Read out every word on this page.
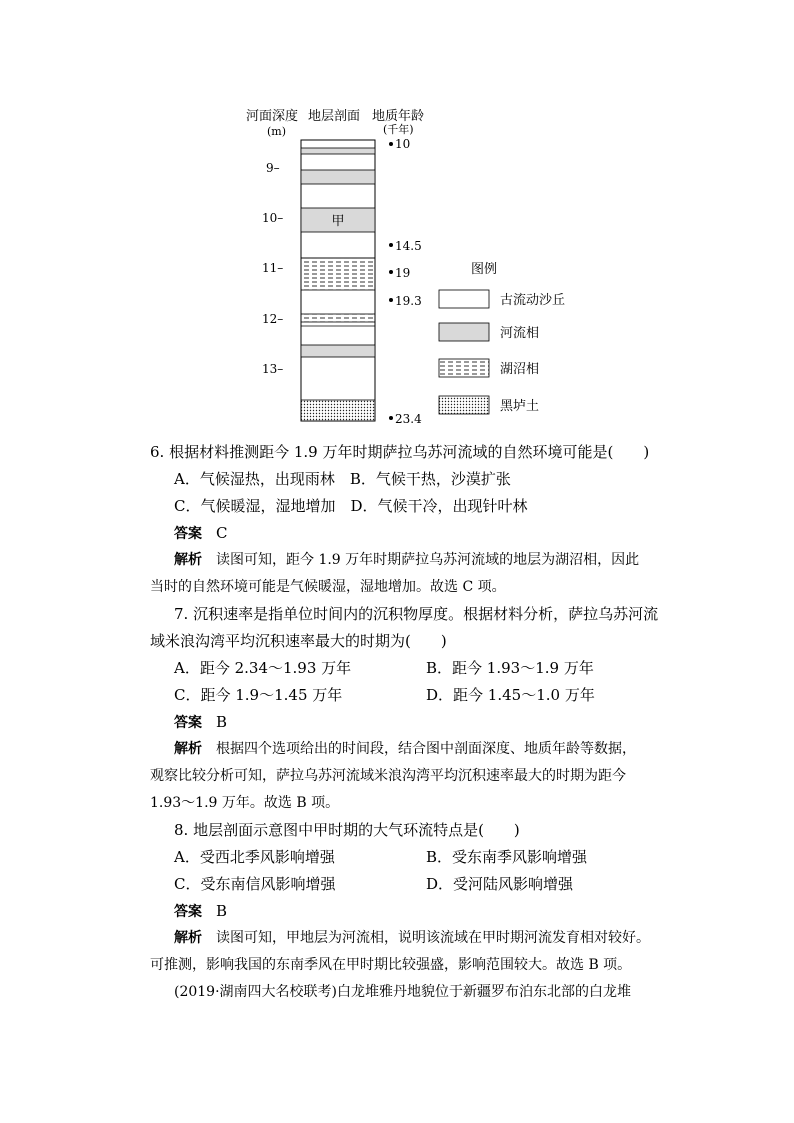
河面深度 地层剖面 地质年龄
(m)	(千年)
甲
9–
10–
11–
12–
13–
10
14.5
19
19.3
23.4
图例
古流动沙丘
河流相
湖沼相
黑垆土
6. 根据材料推测距今 1.9 万年时期萨拉乌苏河流域的自然环境可能是(　　)
A．气候湿热，出现雨林　B．气候干热，沙漠扩张
C．气候暖湿，湿地增加　D．气候干冷，出现针叶林
答案 C
解析 读图可知，距今 1.9 万年时期萨拉乌苏河流域的地层为湖沼相，因此
当时的自然环境可能是气候暖湿，湿地增加。故选 C 项。
7. 沉积速率是指单位时间内的沉积物厚度。根据材料分析，萨拉乌苏河流
域米浪沟湾平均沉积速率最大的时期为(　　)
A．距今 2.34～1.93 万年	B．距今 1.93～1.9 万年
C．距今 1.9～1.45 万年	D．距今 1.45～1.0 万年
答案 B
解析 根据四个选项给出的时间段，结合图中剖面深度、地质年龄等数据，
观察比较分析可知，萨拉乌苏河流域米浪沟湾平均沉积速率最大的时期为距今
1.93～1.9 万年。故选 B 项。
8. 地层剖面示意图中甲时期的大气环流特点是(　　)
A．受西北季风影响增强	B．受东南季风影响增强
C．受东南信风影响增强	D．受河陆风影响增强
答案 B
解析 读图可知，甲地层为河流相，说明该流域在甲时期河流发育相对较好。
可推测，影响我国的东南季风在甲时期比较强盛，影响范围较大。故选 B 项。
(2019·湖南四大名校联考)白龙堆雅丹地貌位于新疆罗布泊东北部的白龙堆
